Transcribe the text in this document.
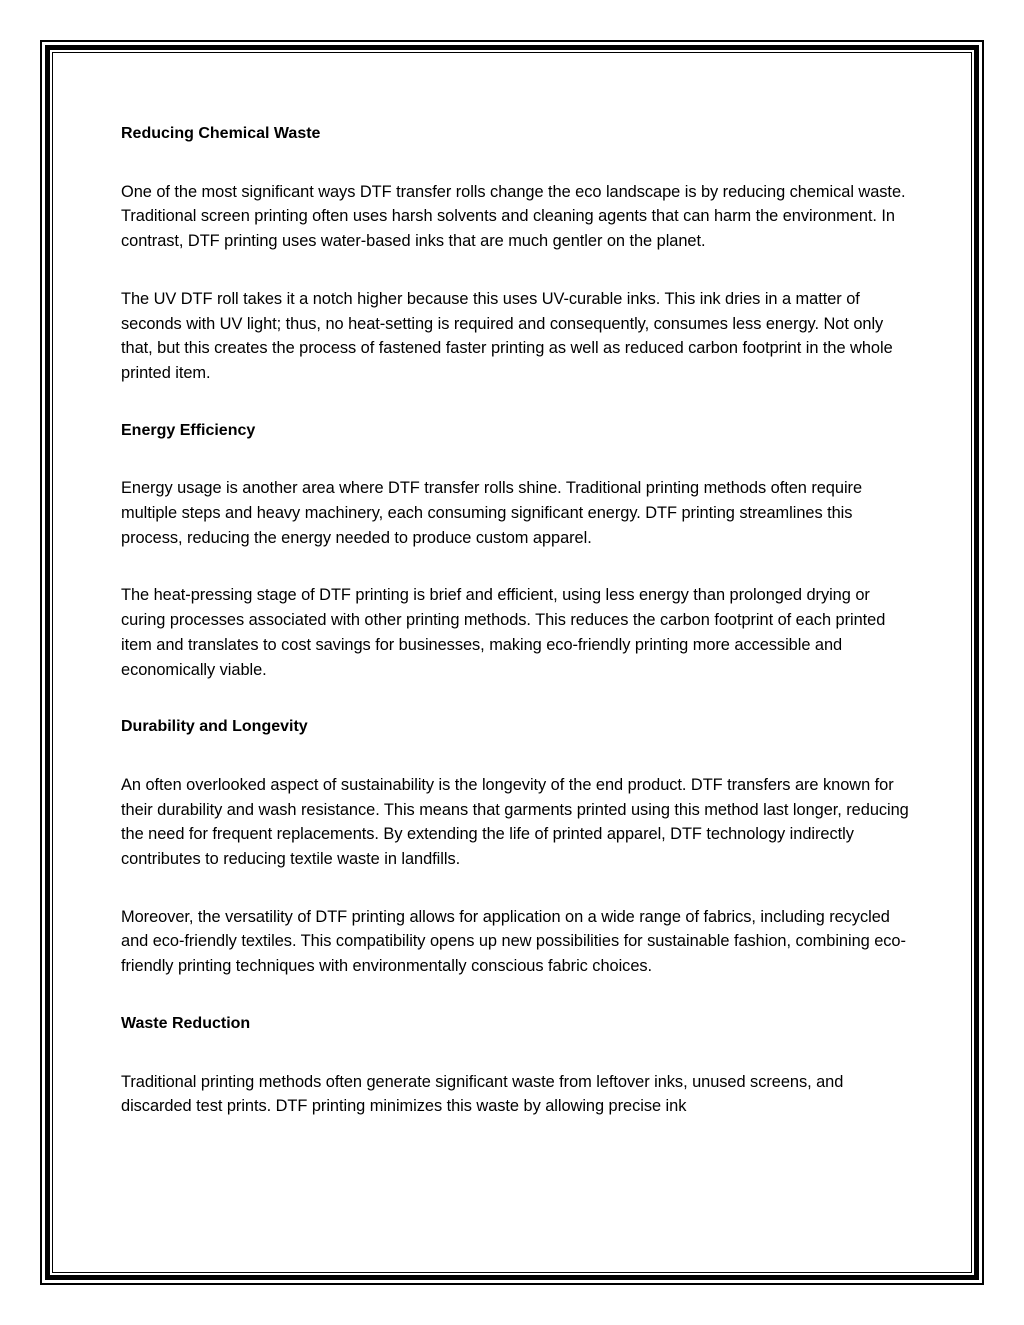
Reducing Chemical Waste

One of the most significant ways DTF transfer rolls change the eco landscape is by reducing chemical waste. Traditional screen printing often uses harsh solvents and cleaning agents that can harm the environment. In contrast, DTF printing uses water-based inks that are much gentler on the planet.

The UV DTF roll takes it a notch higher because this uses UV-curable inks. This ink dries in a matter of seconds with UV light; thus, no heat-setting is required and consequently, consumes less energy. Not only that, but this creates the process of fastened faster printing as well as reduced carbon footprint in the whole printed item.

Energy Efficiency

Energy usage is another area where DTF transfer rolls shine. Traditional printing methods often require multiple steps and heavy machinery, each consuming significant energy. DTF printing streamlines this process, reducing the energy needed to produce custom apparel.

The heat-pressing stage of DTF printing is brief and efficient, using less energy than prolonged drying or curing processes associated with other printing methods. This reduces the carbon footprint of each printed item and translates to cost savings for businesses, making eco-friendly printing more accessible and economically viable.

Durability and Longevity

An often overlooked aspect of sustainability is the longevity of the end product. DTF transfers are known for their durability and wash resistance. This means that garments printed using this method last longer, reducing the need for frequent replacements. By extending the life of printed apparel, DTF technology indirectly contributes to reducing textile waste in landfills.

Moreover, the versatility of DTF printing allows for application on a wide range of fabrics, including recycled and eco-friendly textiles. This compatibility opens up new possibilities for sustainable fashion, combining eco-friendly printing techniques with environmentally conscious fabric choices.

Waste Reduction

Traditional printing methods often generate significant waste from leftover inks, unused screens, and discarded test prints. DTF printing minimizes this waste by allowing precise ink
